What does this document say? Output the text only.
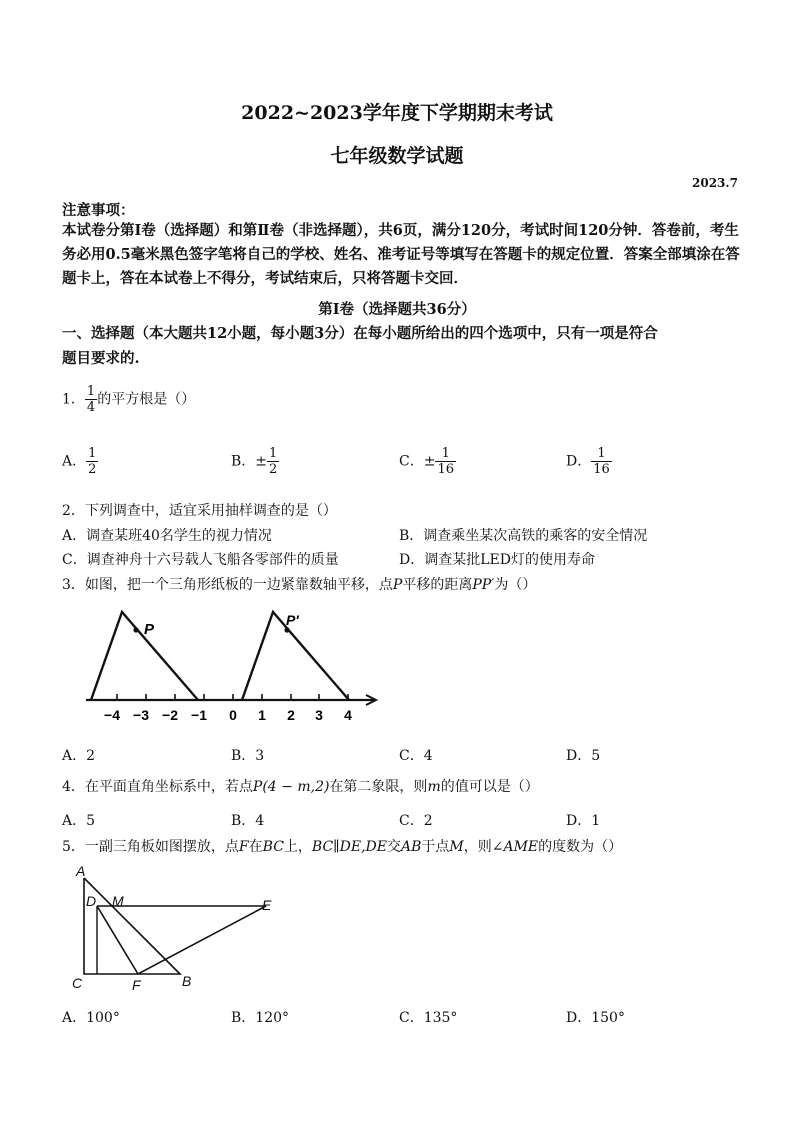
2022~2023学年度下学期期末考试
七年级数学试题
2023.7
注意事项：
本试卷分第Ⅰ卷（选择题）和第Ⅱ卷（非选择题），共6页，满分120分，考试时间120分钟．答卷前，考生务必用0.5毫米黑色签字笔将自己的学校、姓名、准考证号等填写在答题卡的规定位置．答案全部填涂在答题卡上，答在本试卷上不得分，考试结束后，只将答题卡交回．
第Ⅰ卷（选择题共36分）
一、选择题（本大题共12小题，每小题3分）在每小题所给出的四个选项中，只有一项是符合
题目要求的.
1． $\frac{1}{4}$ 的平方根是（）
A． $\frac{1}{2}$	B．± $\frac{1}{2}$	C．± $\frac{1}{16}$	D． $\frac{1}{16}$
2．下列调查中，适宜采用抽样调查的是（）
A．调查某班40名学生的视力情况	B．调查乘坐某次高铁的乘客的安全情况
C．调查神舟十六号载人飞船各零部件的质量	D．调查某批LED灯的使用寿命
3．如图，把一个三角形纸板的一边紧靠数轴平移，点P平移的距离PP′为（）
P
P′
−4 −3 −2 −1 0 1 2 3 4
A．2	B．3	C．4	D．5
4．在平面直角坐标系中，若点P(4 − m,2)在第二象限，则m的值可以是（）
A．5	B．4	C．2	D．1
5．一副三角板如图摆放，点F在BC上，BC∥DE,DE交AB于点M，则∠AME的度数为（）
A
D M	E
C	F	B
A．100°	B．120°	C．135°	D．150°
